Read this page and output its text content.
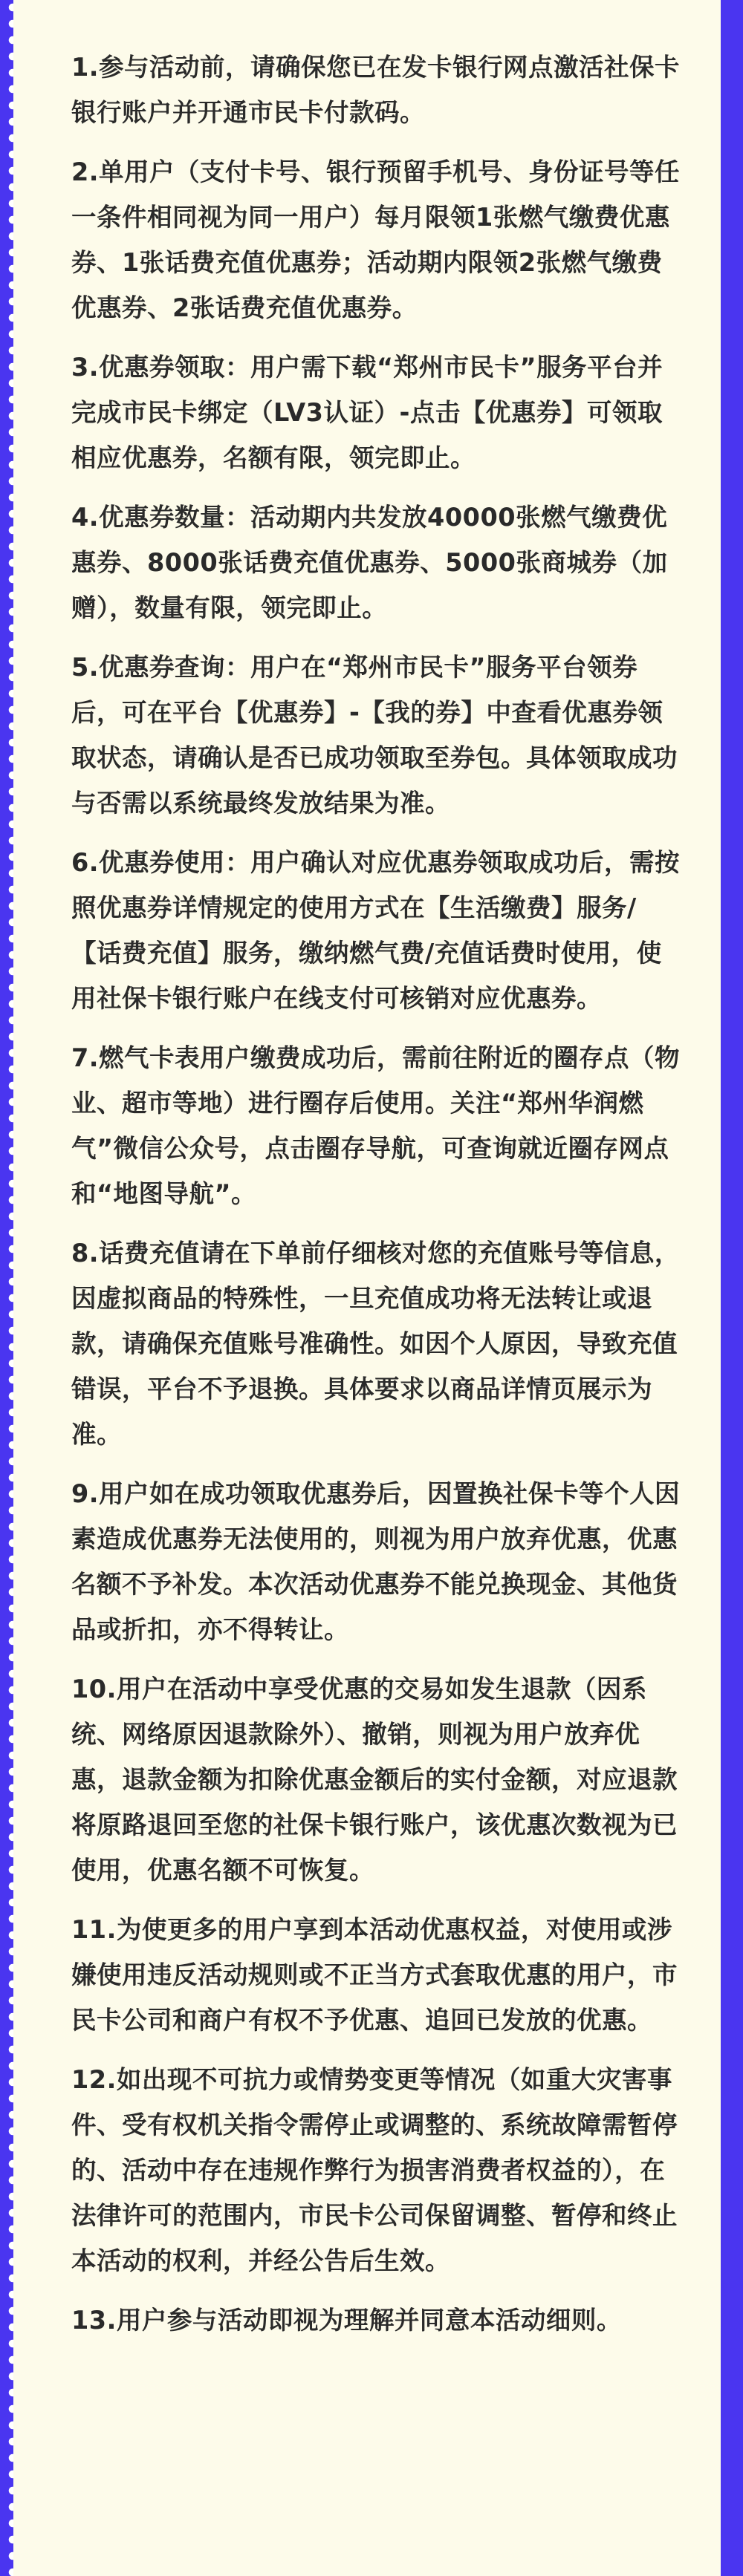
1.参与活动前，请确保您已在发卡银行网点激活社保卡银行账户并开通市民卡付款码。
2.单用户（支付卡号、银行预留手机号、身份证号等任一条件相同视为同一用户）每月限领1张燃气缴费优惠券、1张话费充值优惠券；活动期内限领2张燃气缴费优惠券、2张话费充值优惠券。
3.优惠券领取：用户需下载“郑州市民卡”服务平台并完成市民卡绑定（LV3认证）-点击【优惠券】可领取相应优惠券，名额有限，领完即止。
4.优惠券数量：活动期内共发放40000张燃气缴费优惠券、8000张话费充值优惠券、5000张商城券（加赠），数量有限，领完即止。
5.优惠券查询：用户在“郑州市民卡”服务平台领券后，可在平台【优惠券】-【我的券】中查看优惠券领取状态，请确认是否已成功领取至券包。具体领取成功与否需以系统最终发放结果为准。
6.优惠券使用：用户确认对应优惠券领取成功后，需按照优惠券详情规定的使用方式在【生活缴费】服务/【话费充值】服务，缴纳燃气费/充值话费时使用，使用社保卡银行账户在线支付可核销对应优惠券。
7.燃气卡表用户缴费成功后，需前往附近的圈存点（物业、超市等地）进行圈存后使用。关注“郑州华润燃气”微信公众号，点击圈存导航，可查询就近圈存网点和“地图导航”。
8.话费充值请在下单前仔细核对您的充值账号等信息，因虚拟商品的特殊性，一旦充值成功将无法转让或退款，请确保充值账号准确性。如因个人原因，导致充值错误，平台不予退换。具体要求以商品详情页展示为准。
9.用户如在成功领取优惠券后，因置换社保卡等个人因素造成优惠券无法使用的，则视为用户放弃优惠，优惠名额不予补发。本次活动优惠券不能兑换现金、其他货品或折扣，亦不得转让。
10.用户在活动中享受优惠的交易如发生退款（因系统、网络原因退款除外）、撤销，则视为用户放弃优惠，退款金额为扣除优惠金额后的实付金额，对应退款将原路退回至您的社保卡银行账户，该优惠次数视为已使用，优惠名额不可恢复。
11.为使更多的用户享到本活动优惠权益，对使用或涉嫌使用违反活动规则或不正当方式套取优惠的用户，市民卡公司和商户有权不予优惠、追回已发放的优惠。
12.如出现不可抗力或情势变更等情况（如重大灾害事件、受有权机关指令需停止或调整的、系统故障需暂停的、活动中存在违规作弊行为损害消费者权益的），在法律许可的范围内，市民卡公司保留调整、暂停和终止本活动的权利，并经公告后生效。
13.用户参与活动即视为理解并同意本活动细则。
